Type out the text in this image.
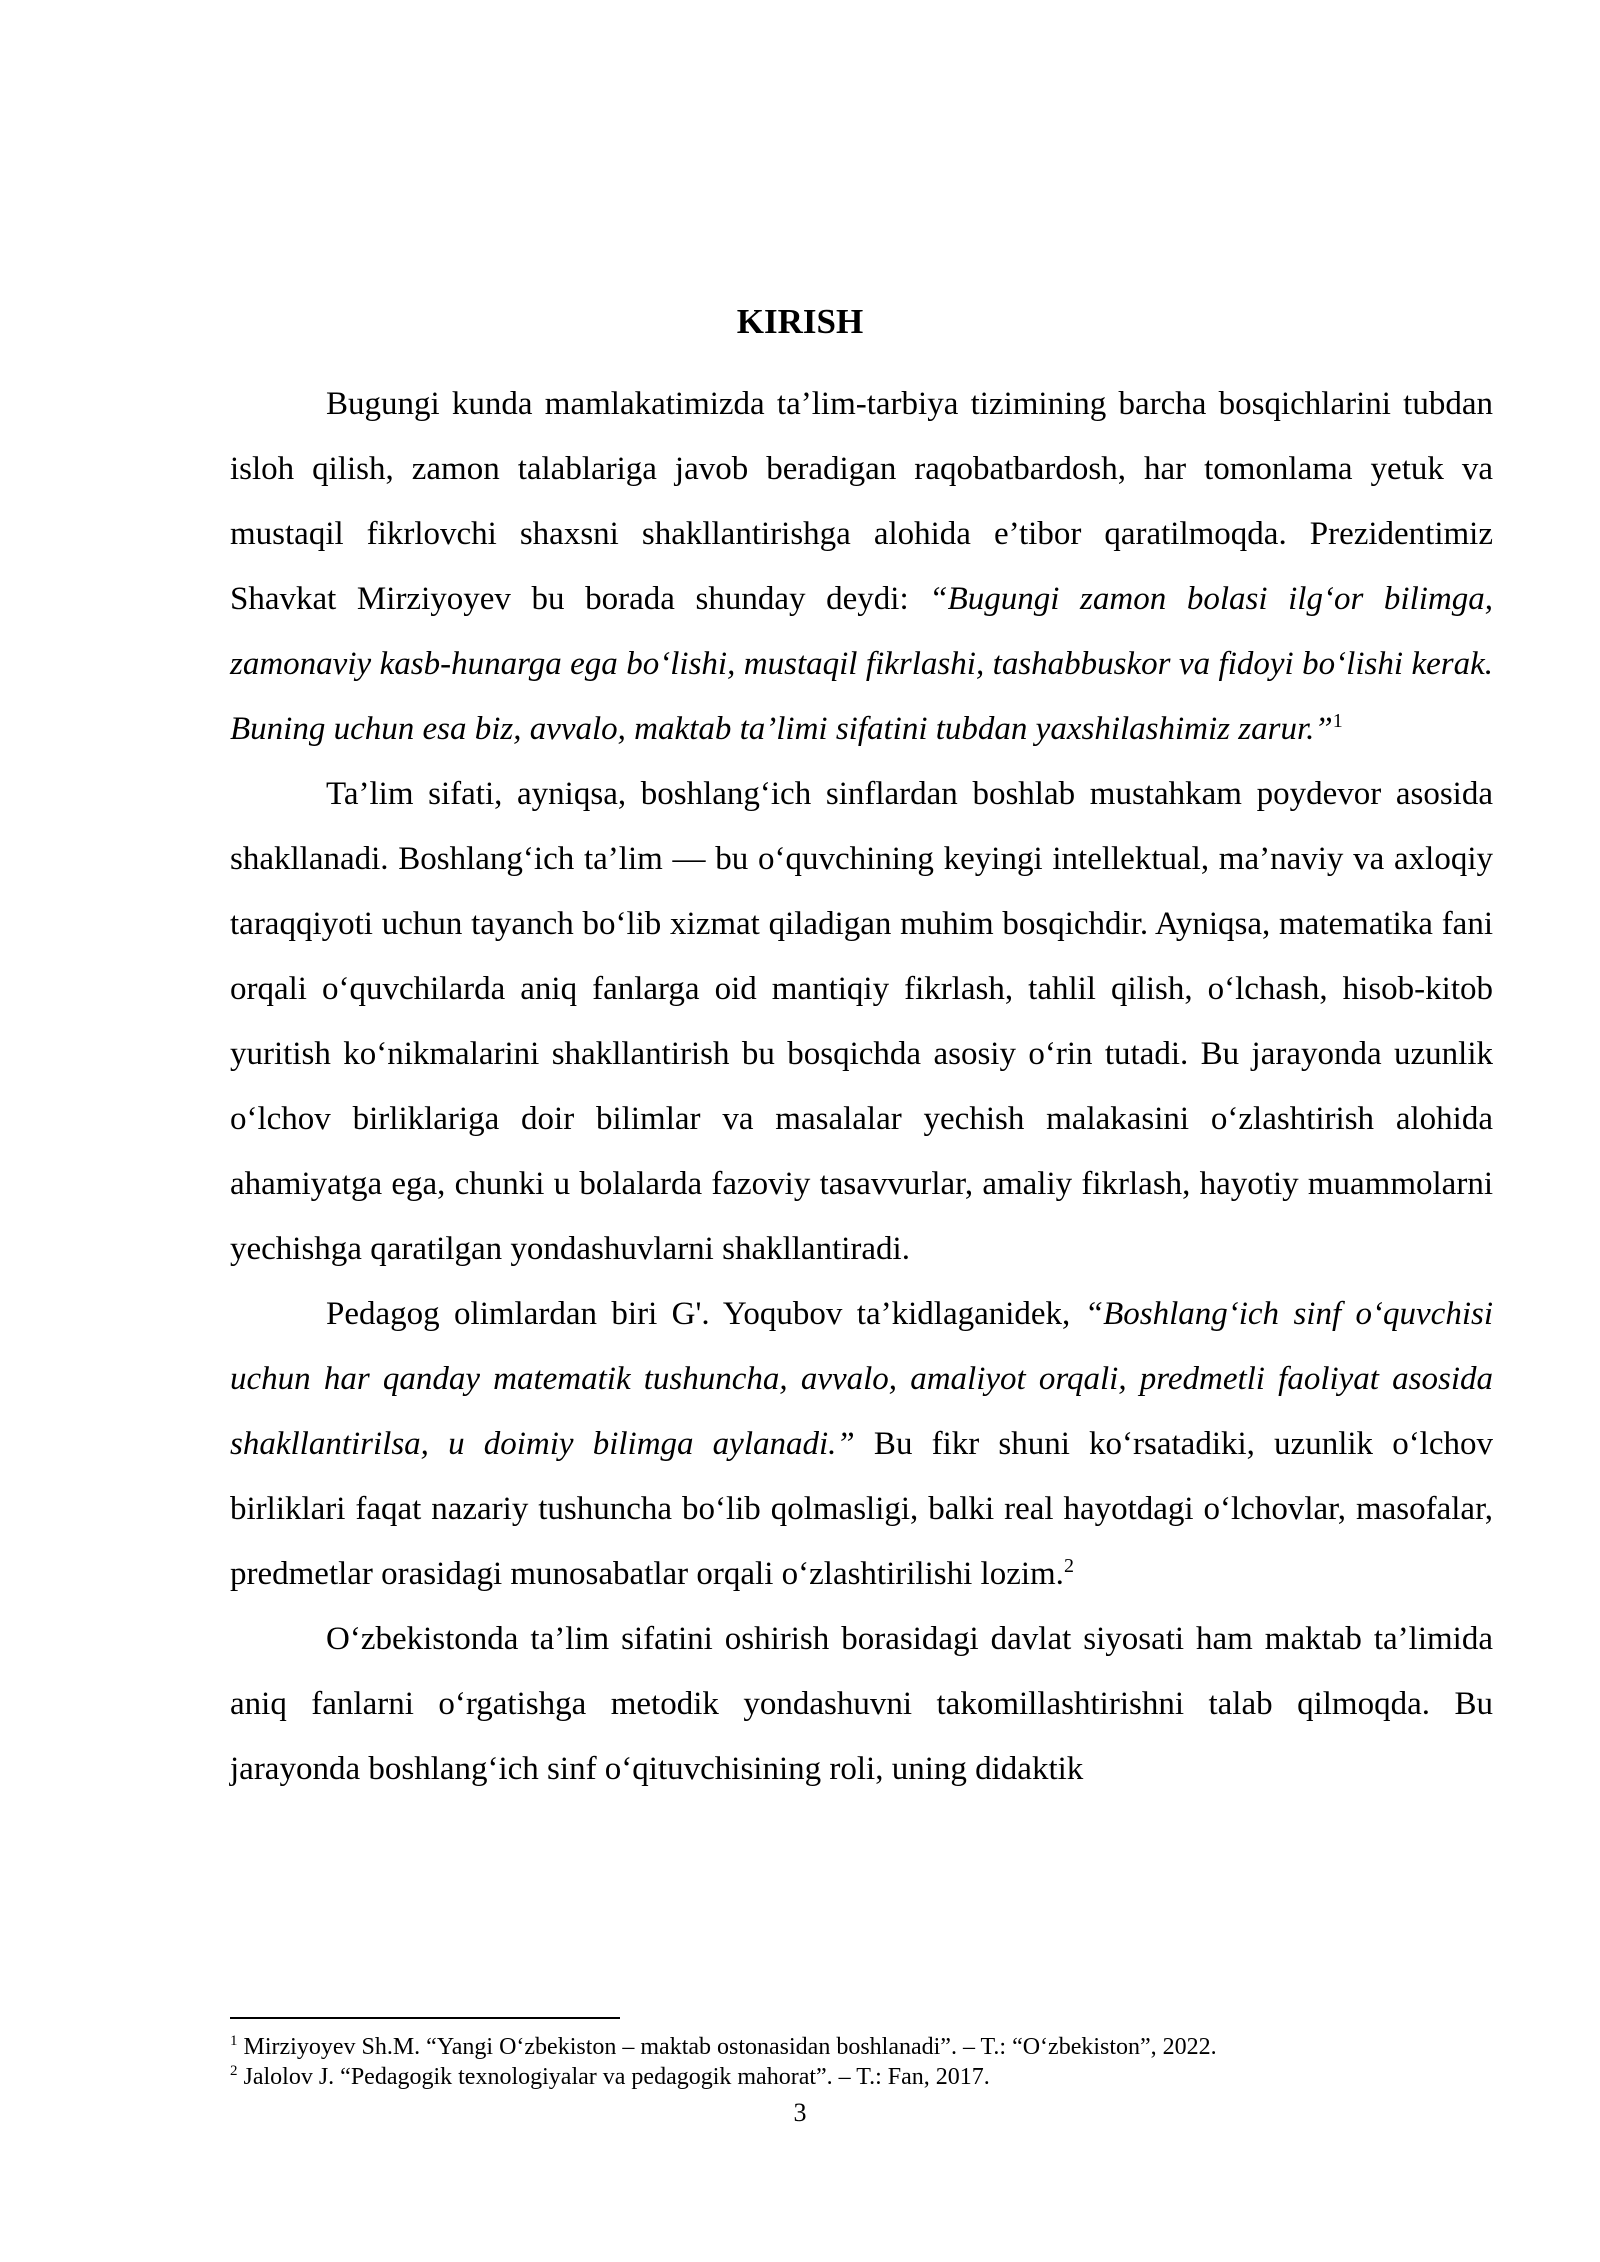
KIRISH

Bugungi kunda mamlakatimizda ta’lim-tarbiya tizimining barcha bosqichlarini tubdan isloh qilish, zamon talablariga javob beradigan raqobatbardosh, har tomonlama yetuk va mustaqil fikrlovchi shaxsni shakllantirishga alohida e’tibor qaratilmoqda. Prezidentimiz Shavkat Mirziyoyev bu borada shunday deydi: “Bugungi zamon bolasi ilg‘or bilimga, zamonaviy kasb-hunarga ega bo‘lishi, mustaqil fikrlashi, tashabbuskor va fidoyi bo‘lishi kerak. Buning uchun esa biz, avvalo, maktab ta’limi sifatini tubdan yaxshilashimiz zarur.”$^1$

Ta’lim sifati, ayniqsa, boshlang‘ich sinflardan boshlab mustahkam poydevor asosida shakllanadi. Boshlang‘ich ta’lim — bu o‘quvchining keyingi intellektual, ma’naviy va axloqiy taraqqiyoti uchun tayanch bo‘lib xizmat qiladigan muhim bosqichdir. Ayniqsa, matematika fani orqali o‘quvchilarda aniq fanlarga oid mantiqiy fikrlash, tahlil qilish, o‘lchash, hisob-kitob yuritish ko‘nikmalarini shakllantirish bu bosqichda asosiy o‘rin tutadi. Bu jarayonda uzunlik o‘lchov birliklariga doir bilimlar va masalalar yechish malakasini o‘zlashtirish alohida ahamiyatga ega, chunki u bolalarda fazoviy tasavvurlar, amaliy fikrlash, hayotiy muammolarni yechishga qaratilgan yondashuvlarni shakllantiradi.

Pedagog olimlardan biri G'. Yoqubov ta’kidlaganidek, “Boshlang‘ich sinf o‘quvchisi uchun har qanday matematik tushuncha, avvalo, amaliyot orqali, predmetli faoliyat asosida shakllantirilsa, u doimiy bilimga aylanadi.” Bu fikr shuni ko‘rsatadiki, uzunlik o‘lchov birliklari faqat nazariy tushuncha bo‘lib qolmasligi, balki real hayotdagi o‘lchovlar, masofalar, predmetlar orasidagi munosabatlar orqali o‘zlashtirilishi lozim.$^2$

O‘zbekistonda ta’lim sifatini oshirish borasidagi davlat siyosati ham maktab ta’limida aniq fanlarni o‘rgatishga metodik yondashuvni takomillashtirishni talab qilmoqda. Bu jarayonda boshlang‘ich sinf o‘qituvchisining roli, uning didaktik

$^1$ Mirziyoyev Sh.M. “Yangi O‘zbekiston – maktab ostonasidan boshlanadi”. – T.: “O‘zbekiston”, 2022.

$^2$ Jalolov J. “Pedagogik texnologiyalar va pedagogik mahorat”. – T.: Fan, 2017.

3
